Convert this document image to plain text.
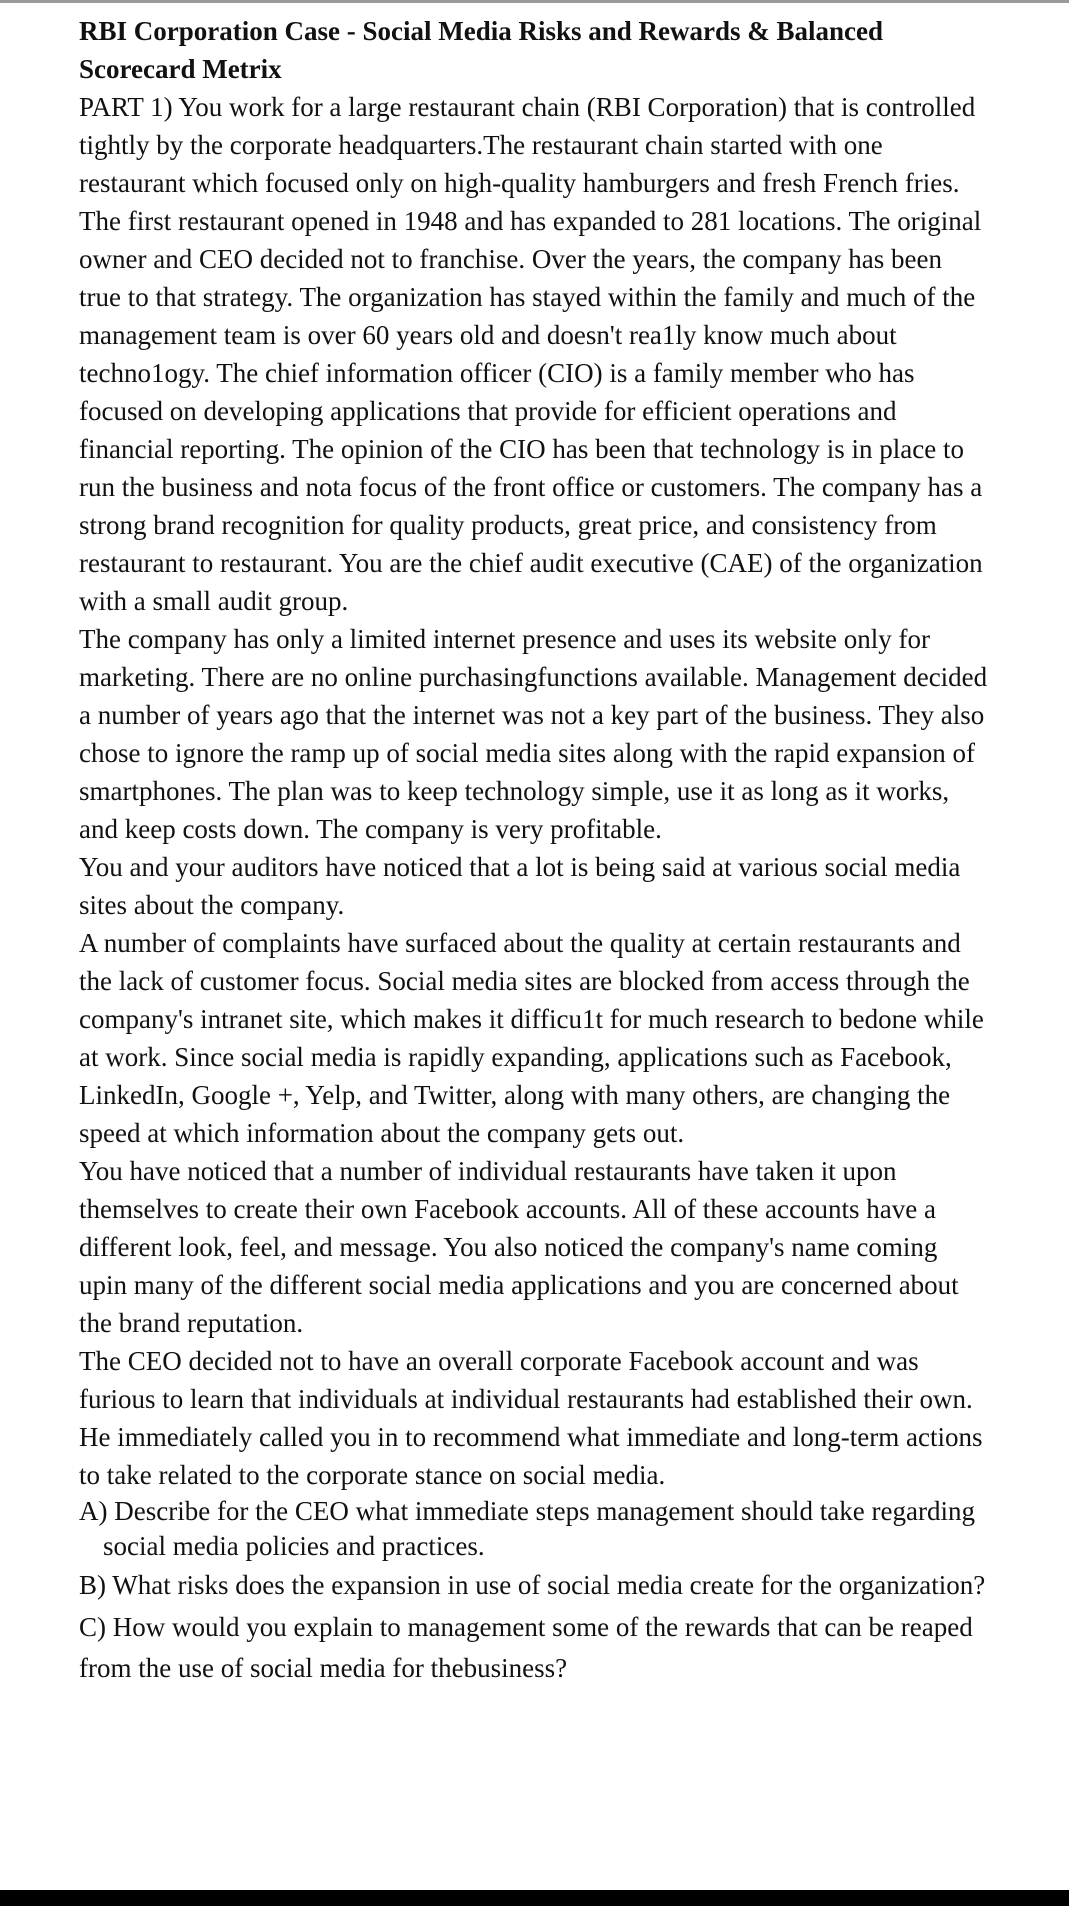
RBI Corporation Case - Social Media Risks and Rewards & Balanced Scorecard Metrix

PART 1) You work for a large restaurant chain (RBI Corporation) that is controlled tightly by the corporate headquarters.The restaurant chain started with one restaurant which focused only on high-quality hamburgers and fresh French fries.

The first restaurant opened in 1948 and has expanded to 281 locations. The original owner and CEO decided not to franchise. Over the years, the company has been true to that strategy. The organization has stayed within the family and much of the management team is over 60 years old and doesn't rea1ly know much about techno1ogy. The chief information officer (CIO) is a family member who has focused on developing applications that provide for efficient operations and financial reporting. The opinion of the CIO has been that technology is in place to run the business and nota focus of the front office or customers. The company has a strong brand recognition for quality products, great price, and consistency from restaurant to restaurant. You are the chief audit executive (CAE) of the organization with a small audit group.

The company has only a limited internet presence and uses its website only for marketing. There are no online purchasingfunctions available. Management decided a number of years ago that the internet was not a key part of the business. They also chose to ignore the ramp up of social media sites along with the rapid expansion of smartphones. The plan was to keep technology simple, use it as long as it works, and keep costs down. The company is very profitable.

You and your auditors have noticed that a lot is being said at various social media sites about the company.

A number of complaints have surfaced about the quality at certain restaurants and the lack of customer focus. Social media sites are blocked from access through the company's intranet site, which makes it difficu1t for much research to bedone while at work. Since social media is rapidly expanding, applications such as Facebook, LinkedIn, Google +, Yelp, and Twitter, along with many others, are changing the speed at which information about the company gets out.

You have noticed that a number of individual restaurants have taken it upon themselves to create their own Facebook accounts. All of these accounts have a different look, feel, and message. You also noticed the company's name coming upin many of the different social media applications and you are concerned about the brand reputation.

The CEO decided not to have an overall corporate Facebook account and was furious to learn that individuals at individual restaurants had established their own. He immediately called you in to recommend what immediate and long-term actions to take related to the corporate stance on social media.

A) Describe for the CEO what immediate steps management should take regarding social media policies and practices.

B) What risks does the expansion in use of social media create for the organization?

C) How would you explain to management some of the rewards that can be reaped from the use of social media for thebusiness?
